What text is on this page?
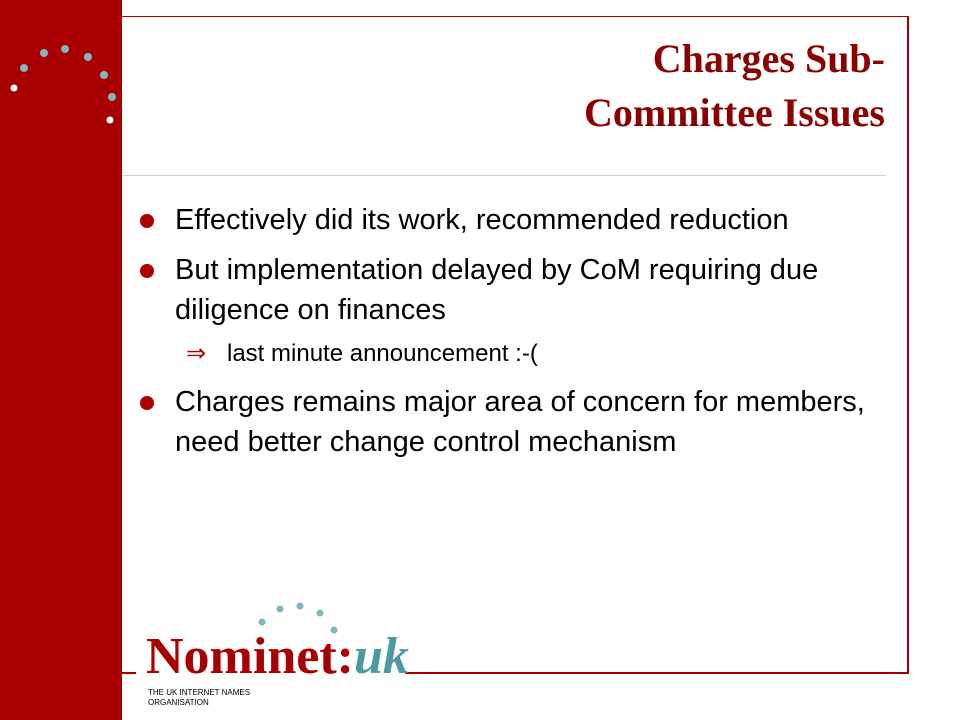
Charges Sub-
Committee Issues
Effectively did its work, recommended reduction
But implementation delayed by CoM requiring due diligence on finances
⇒ last minute announcement :-(
Charges remains major area of concern for members, need better change control mechanism
Nominet:uk
THE UK INTERNET NAMES ORGANISATION
